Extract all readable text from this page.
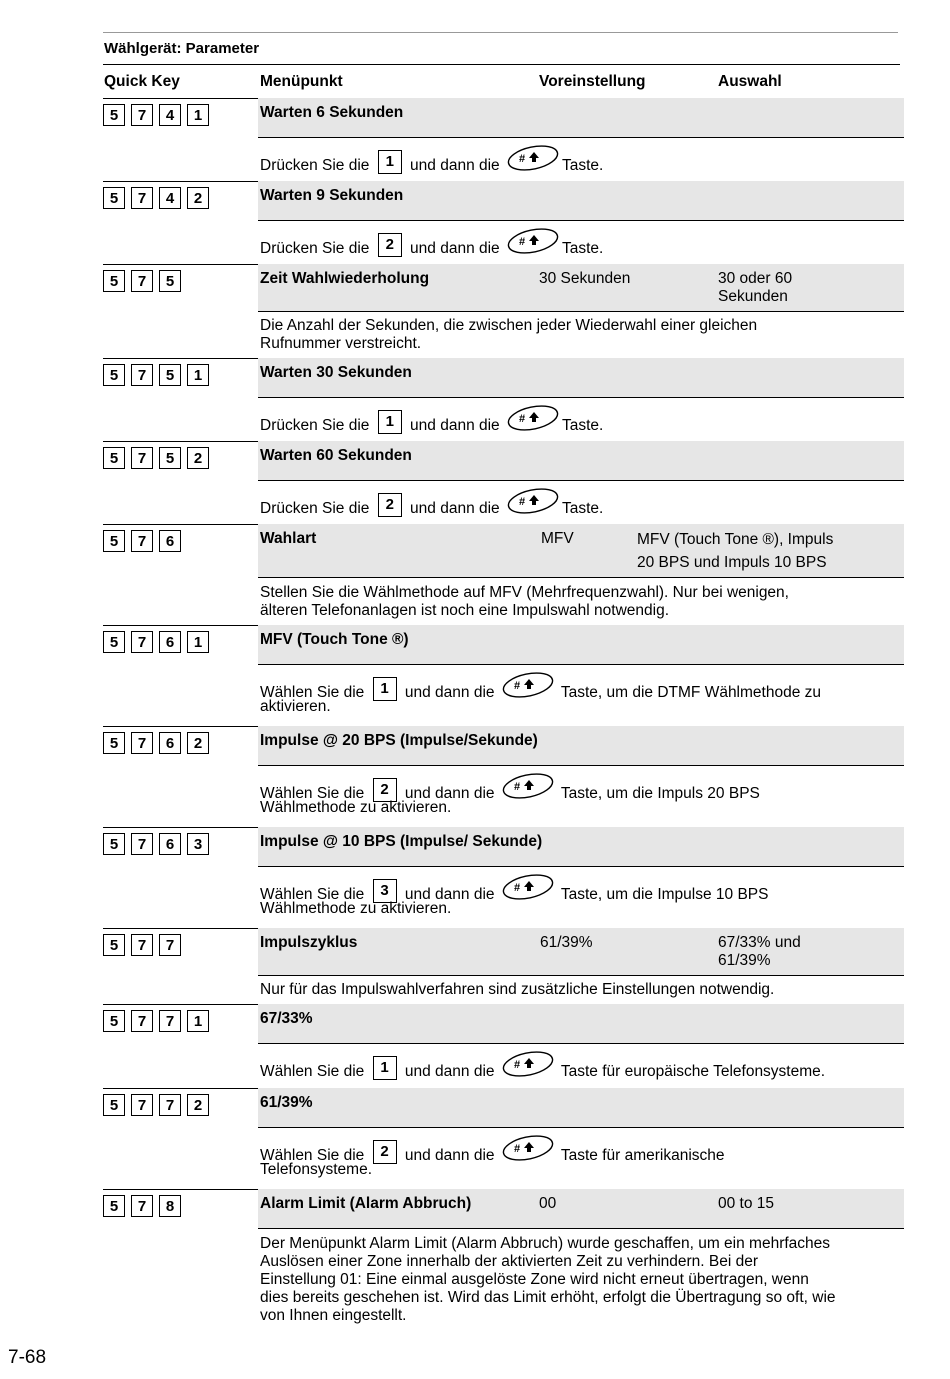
Wählgerät: Parameter
Quick Key	Menüpunkt	Voreinstellung	Auswahl
5	7	4	1	Warten 6 Sekunden
Drücken Sie die 1 und dann die # Taste.
5	7	4	2	Warten 9 Sekunden
Drücken Sie die 2 und dann die # Taste.
5	7	5	Zeit Wahlwiederholung	30 Sekunden	30 oder 60
Sekunden
Die Anzahl der Sekunden, die zwischen jeder Wiederwahl einer gleichen
Rufnummer verstreicht.
5	7	5	1	Warten 30 Sekunden
Drücken Sie die 1 und dann die # Taste.
5	7	5	2	Warten 60 Sekunden
Drücken Sie die 2 und dann die # Taste.
5	7	6	Wahlart	MFV	MFV (Touch Tone ®), Impuls
20 BPS und Impuls 10 BPS
Stellen Sie die Wählmethode auf MFV (Mehrfrequenzwahl). Nur bei wenigen,
älteren Telefonanlagen ist noch eine Impulswahl notwendig.
5	7	6	1	MFV (Touch Tone ®)
Wählen Sie die 1 und dann die # Taste, um die DTMF Wählmethode zu
aktivieren.
5	7	6	2	Impulse @ 20 BPS (Impulse/Sekunde)
Wählen Sie die 2 und dann die # Taste, um die Impuls 20 BPS
Wählmethode zu aktivieren.
5	7	6	3	Impulse @ 10 BPS (Impulse/ Sekunde)
Wählen Sie die 3 und dann die # Taste, um die Impulse 10 BPS
Wählmethode zu aktivieren.
5	7	7	Impulszyklus	61/39%	67/33% und
61/39%
Nur für das Impulswahlverfahren sind zusätzliche Einstellungen notwendig.
5	7	7	1	67/33%
Wählen Sie die 1 und dann die # Taste für europäische Telefonsysteme.
5	7	7	2	61/39%
Wählen Sie die 2 und dann die # Taste für amerikanische
Telefonsysteme.
5	7	8	Alarm Limit (Alarm Abbruch)	00	00 to 15
Der Menüpunkt Alarm Limit (Alarm Abbruch) wurde geschaffen, um ein mehrfaches
Auslösen einer Zone innerhalb der aktivierten Zeit zu verhindern. Bei der
Einstellung 01: Eine einmal ausgelöste Zone wird nicht erneut übertragen, wenn
dies bereits geschehen ist. Wird das Limit erhöht, erfolgt die Übertragung so oft, wie
von Ihnen eingestellt.
7-68
